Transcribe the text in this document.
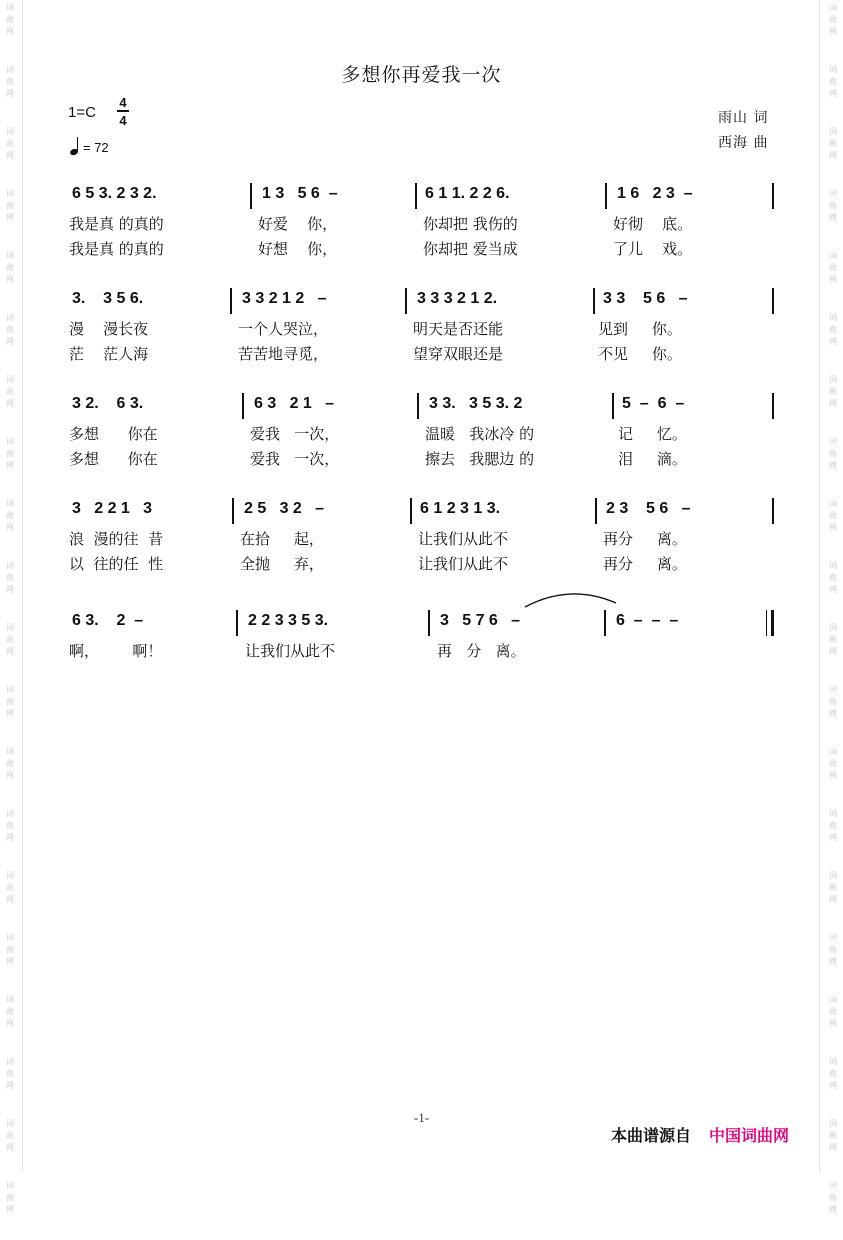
词
曲
网
词
曲
网
词
曲
网
词
曲
网
词
曲
网
词
曲
网
词
曲
网
词
曲
网
词
曲
网
词
曲
网
词
曲
网
词
曲
网
词
曲
网
词
曲
网
词
曲
网
词
曲
网
词
曲
网
词
曲
网
词
曲
网
词
曲
网
词
曲
网
词
曲
网
词
曲
网
词
曲
网
词
曲
网
词
曲
网
词
曲
网
词
曲
网
词
曲
网
词
曲
网
词
曲
网
词
曲
网
词
曲
网
词
曲
网
词
曲
网
词
曲
网
词
曲
网
词
曲
网
词
曲
网
词
曲
网
多想你再爱我一次
1=C
4
4
= 72
雨山 词
西海 曲
6 5 3. 2 3 2.	1 3   5 6  –	6 1 1. 2 2 6.	1 6   2 3  –
我是真 的真的	好爱    你，	你却把 我伤的	好彻    底。
我是真 的真的	好想    你，	你却把 爱当成	了儿    戏。
3.    3 5 6.	3 3 2 1 2   –	3 3 3 2 1 2.	3 3    5 6   –
漫    漫长夜	一个人哭泣，	明天是否还能	见到     你。
茫    茫人海	苦苦地寻觅，	望穿双眼还是	不见     你。
3 2.    6 3.	6 3   2 1   –	3 3.   3 5 3. 2	5  –  6  –
多想      你在	爱我   一次，	温暖   我冰冷 的	记     忆。
多想      你在	爱我   一次，	擦去   我腮边 的	泪     滴。
3   2 2 1   3	2 5   3 2   –	6 1 2 3 1 3.	2 3    5 6   –
浪  漫的往  昔	在拾     起，	让我们从此不	再分     离。
以  往的任  性	全抛     弃，	让我们从此不	再分     离。
6 3.    2  –	2 2 3 3 5 3.	3   5 7 6   –	6  –  –  –
啊，       啊！	让我们从此不	再   分   离。
-1-
本曲谱源自 中国词曲网
